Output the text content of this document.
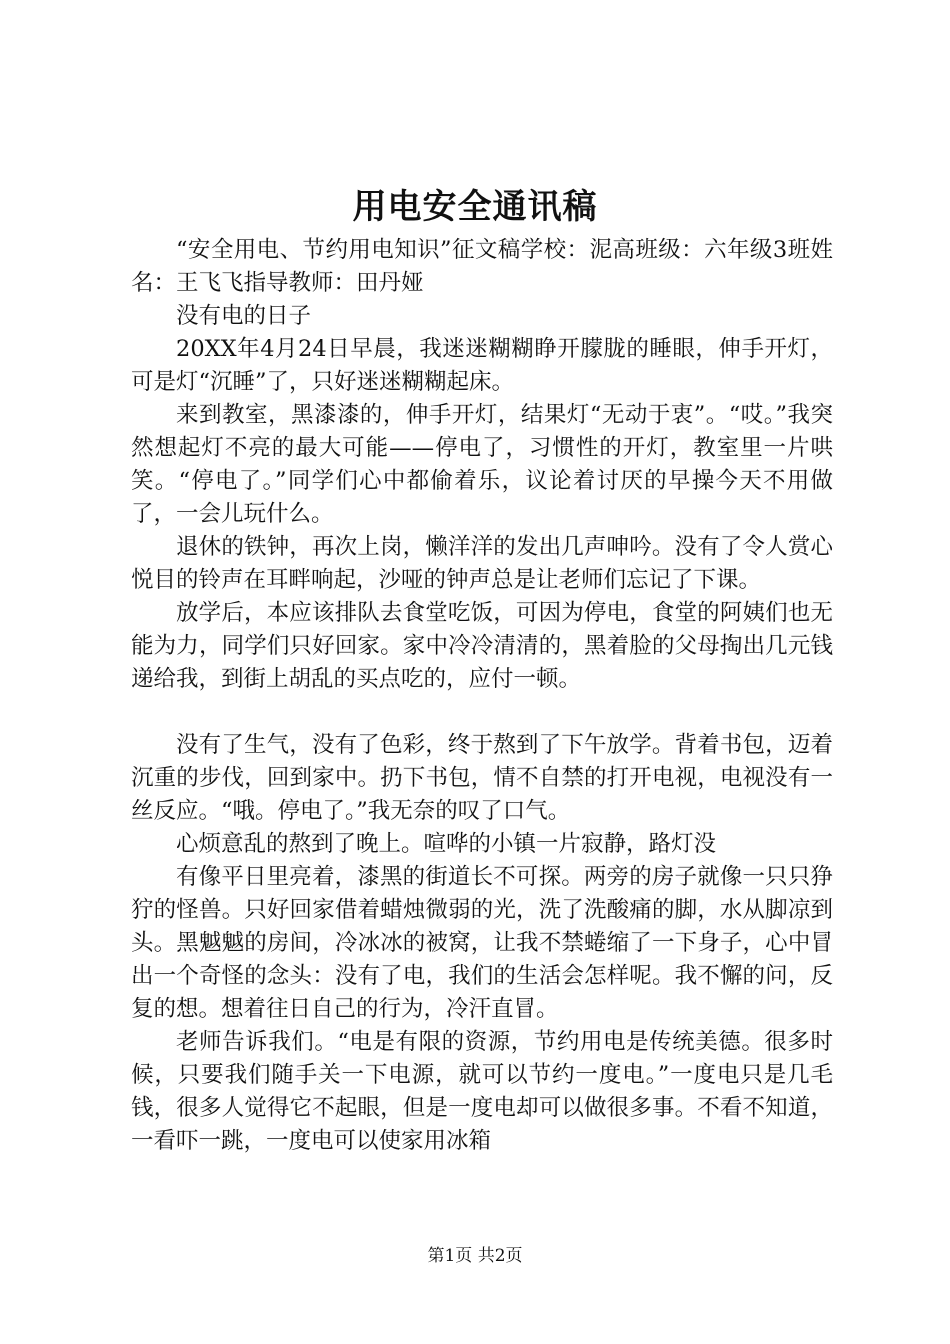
用电安全通讯稿

“安全用电、节约用电知识”征文稿学校：泥高班级：六年级3班姓名：王飞飞指导教师：田丹娅

没有电的日子

20XX年4月24日早晨，我迷迷糊糊睁开朦胧的睡眼，伸手开灯，可是灯“沉睡”了，只好迷迷糊糊起床。

来到教室，黑漆漆的，伸手开灯，结果灯“无动于衷”。“哎。”我突然想起灯不亮的最大可能——停电了，习惯性的开灯，教室里一片哄笑。“停电了。”同学们心中都偷着乐，议论着讨厌的早操今天不用做了，一会儿玩什么。

退休的铁钟，再次上岗，懒洋洋的发出几声呻吟。没有了令人赏心悦目的铃声在耳畔响起，沙哑的钟声总是让老师们忘记了下课。

放学后，本应该排队去食堂吃饭，可因为停电，食堂的阿姨们也无能为力，同学们只好回家。家中冷冷清清的，黑着脸的父母掏出几元钱递给我，到街上胡乱的买点吃的，应付一顿。

没有了生气，没有了色彩，终于熬到了下午放学。背着书包，迈着沉重的步伐，回到家中。扔下书包，情不自禁的打开电视，电视没有一丝反应。“哦。停电了。”我无奈的叹了口气。

心烦意乱的熬到了晚上。喧哗的小镇一片寂静，路灯没

有像平日里亮着，漆黑的街道长不可探。两旁的房子就像一只只狰狞的怪兽。只好回家借着蜡烛微弱的光，洗了洗酸痛的脚，水从脚凉到头。黑魆魆的房间，冷冰冰的被窝，让我不禁蜷缩了一下身子，心中冒出一个奇怪的念头：没有了电，我们的生活会怎样呢。我不懈的问，反复的想。想着往日自己的行为，冷汗直冒。

老师告诉我们。“电是有限的资源，节约用电是传统美德。很多时候，只要我们随手关一下电源，就可以节约一度电。”一度电只是几毛钱，很多人觉得它不起眼，但是一度电却可以做很多事。不看不知道，一看吓一跳，一度电可以使家用冰箱

第1页 共2页
